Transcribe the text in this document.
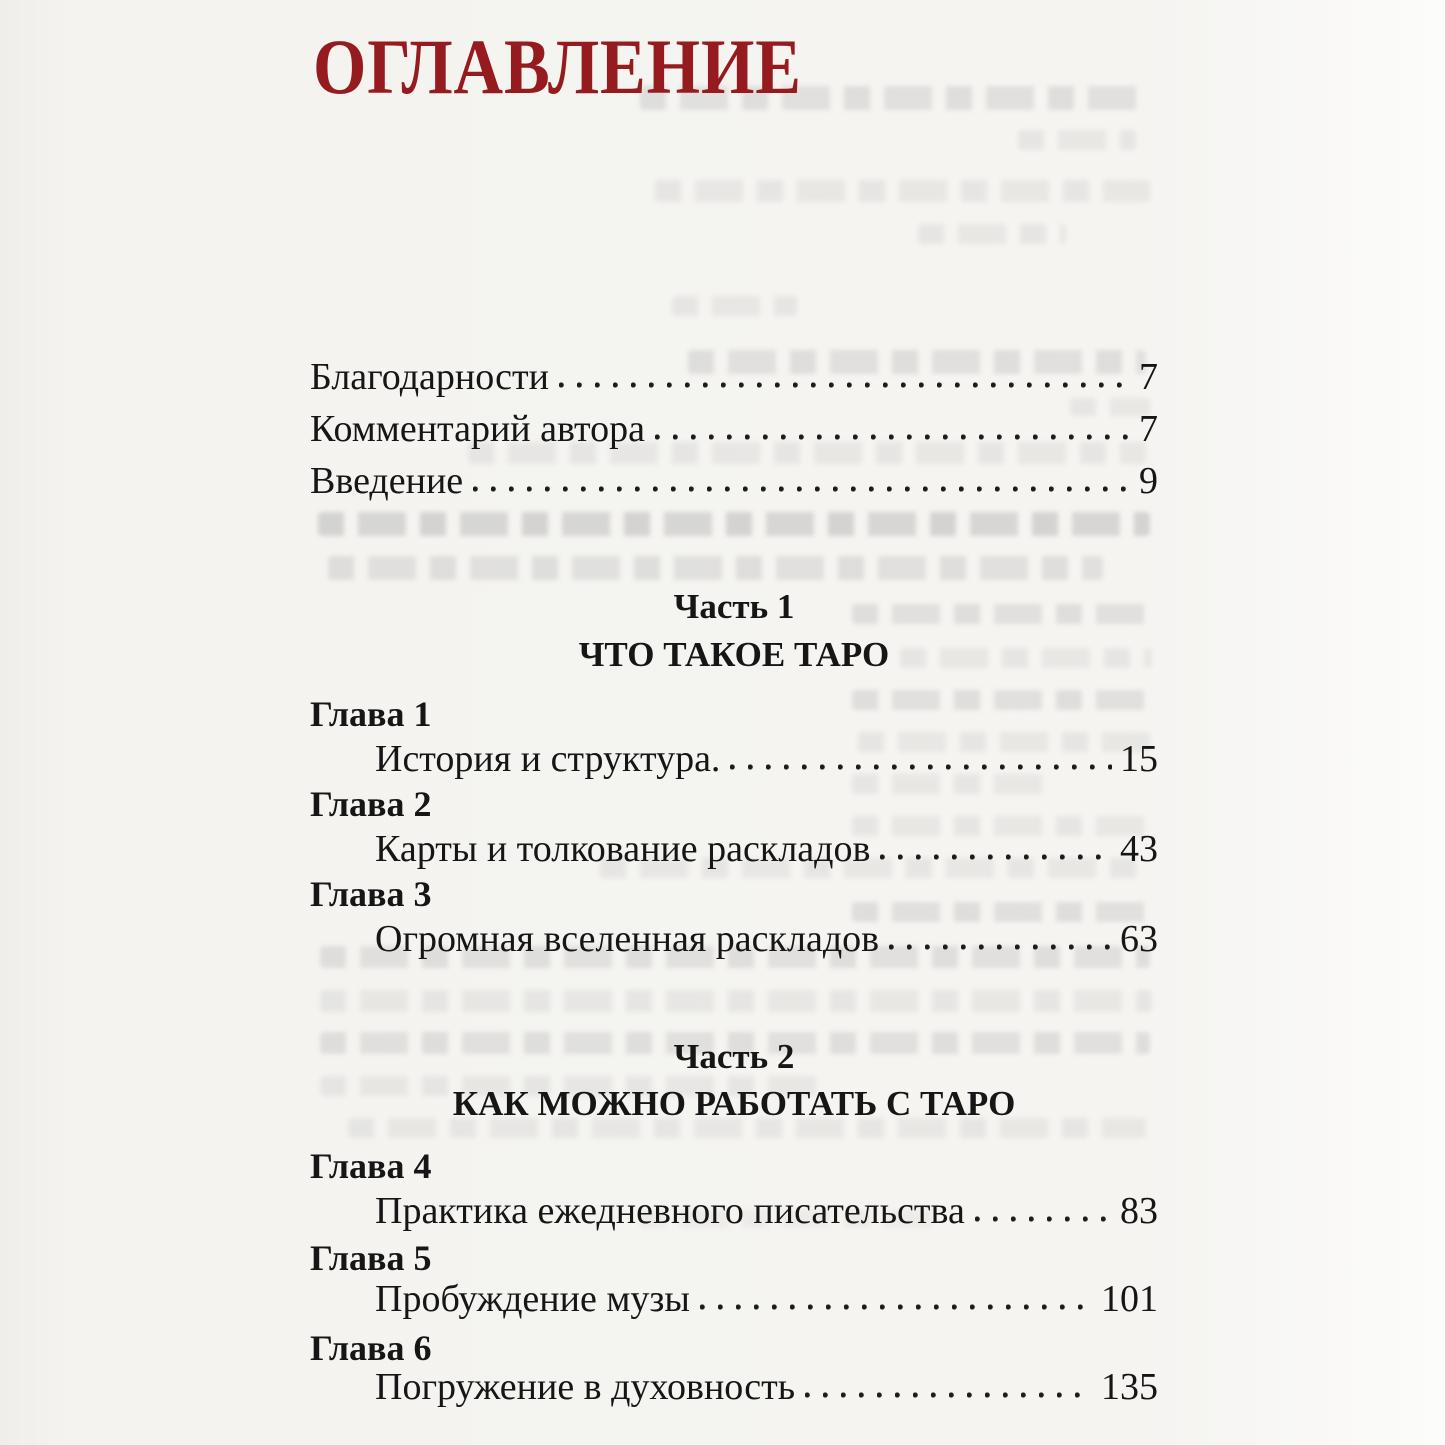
ОГЛАВЛЕНИЕ
Благодарности	7
Комментарий автора	7
Введение	9

Часть 1

ЧТО ТАКОЕ ТАРО

Глава 1

История и структура.	15

Глава 2

Карты и толкование раскладов	43

Глава 3

Огромная вселенная раскладов	63

Часть 2

КАК МОЖНО РАБОТАТЬ С ТАРО

Глава 4

Практика ежедневного писательства	83

Глава 5

Пробуждение музы	101

Глава 6

Погружение в духовность	135
